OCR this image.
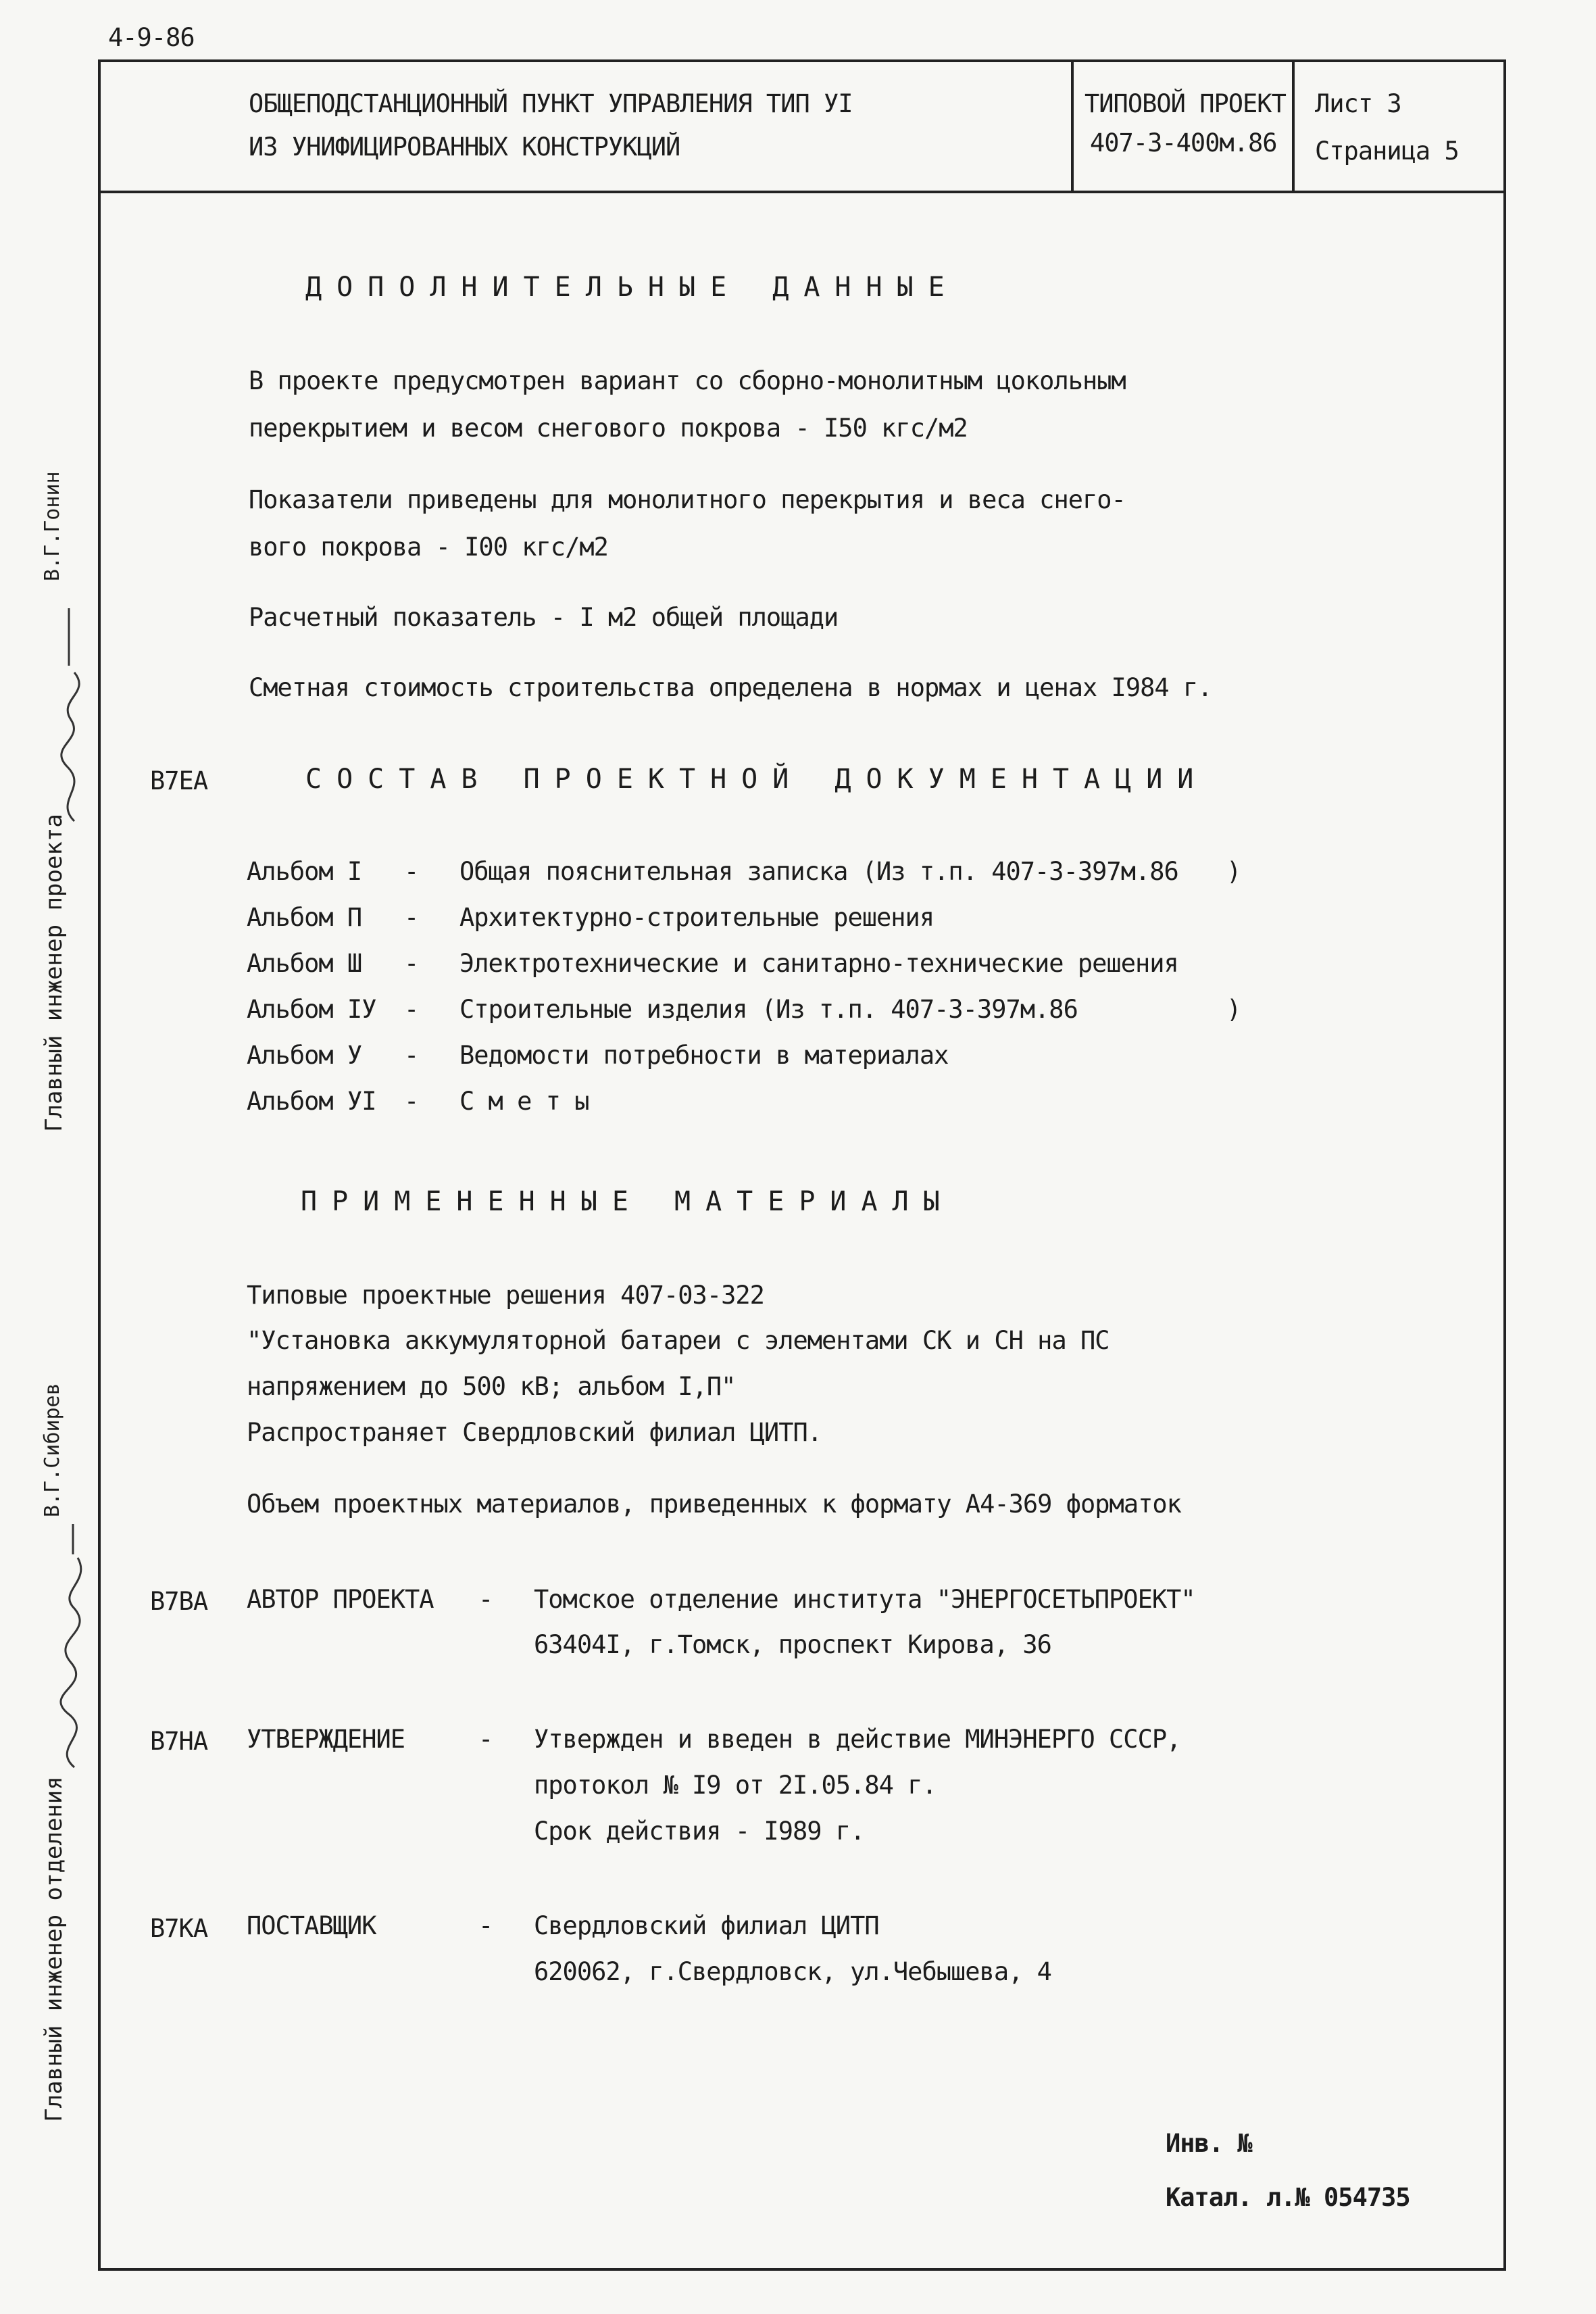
4-9-86
ОБЩЕПОДСТАНЦИОННЫЙ ПУНКТ УПРАВЛЕНИЯ ТИП УI
ИЗ УНИФИЦИРОВАННЫХ КОНСТРУКЦИЙ
ТИПОВОЙ ПРОЕКТ
407-3-400м.86
Лист 3
Страница 5
ДОПОЛНИТЕЛЬНЫЕ ДАННЫЕ
В проекте предусмотрен вариант со сборно-монолитным цокольным
перекрытием и весом снегового покрова - I50 кгс/м2
Показатели приведены для монолитного перекрытия и веса снего-
вого покрова - I00 кгс/м2
Расчетный показатель - I м2 общей площади
Сметная стоимость строительства определена в нормах и ценах I984 г.
В7ЕА	СОСТАВ ПРОЕКТНОЙ ДОКУМЕНТАЦИИ
Альбом I - Общая пояснительная записка (Из т.п. 407-3-397м.86 )
Альбом П - Архитектурно-строительные решения
Альбом Ш - Электротехнические и санитарно-технические решения
Альбом IУ - Строительные изделия (Из т.п. 407-3-397м.86	)
Альбом У - Ведомости потребности в материалах
Альбом УI - С м е т ы
ПРИМЕНЕННЫЕ МАТЕРИАЛЫ
Типовые проектные решения 407-03-322
"Установка аккумуляторной батареи с элементами СК и СН на ПС
напряжением до 500 кВ; альбом I,П"
Распространяет Свердловский филиал ЦИТП.
Объем проектных материалов, приведенных к формату А4-369 форматок
В7ВА АВТОР ПРОЕКТА - Томское отделение института "ЭНЕРГОСЕТЬПРОЕКТ"
63404I, г.Томск, проспект Кирова, 36
В7НА УТВЕРЖДЕНИЕ	- Утвержден и введен в действие МИНЭНЕРГО СССР,
протокол № I9 от 2I.05.84 г.
Срок действия - I989 г.
В7КА ПОСТАВЩИК	- Свердловский филиал ЦИТП
620062, г.Свердловск, ул.Чебышева, 4
Инв. №
Катал. л.№ 054735
Главный инженер проекта
В.Г.Гонин
Главный инженер отделения
В.Г.Сибирев
